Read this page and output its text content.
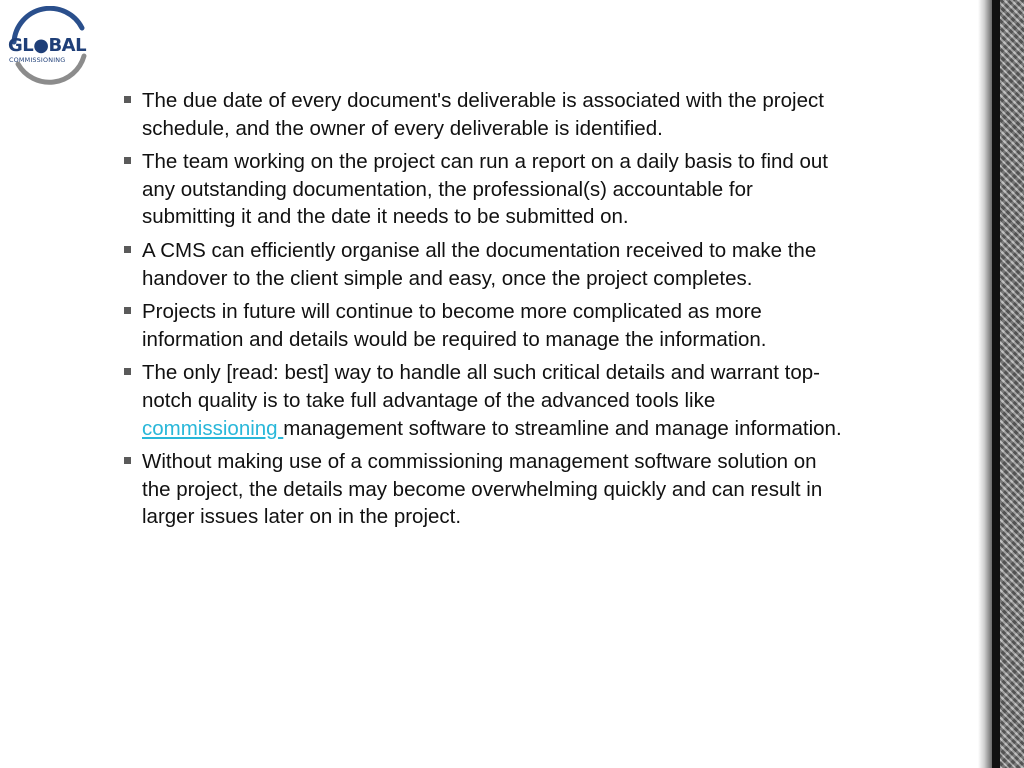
GL●BAL
COMMISSIONING
The due date of every document's deliverable is associated with the project schedule, and the owner of every deliverable is identified.
The team working on the project can run a report on a daily basis to find out any outstanding documentation, the professional(s) accountable for submitting it and the date it needs to be submitted on.
A CMS can efficiently organise all the documentation received to make the handover to the client simple and easy, once the project completes.
Projects in future will continue to become more complicated as more information and details would be required to manage the information.
The only [read: best] way to handle all such critical details and warrant top-notch quality is to take full advantage of the advanced tools like commissioning management software to streamline and manage information.
Without making use of a commissioning management software solution on the project, the details may become overwhelming quickly and can result in larger issues later on in the project.
